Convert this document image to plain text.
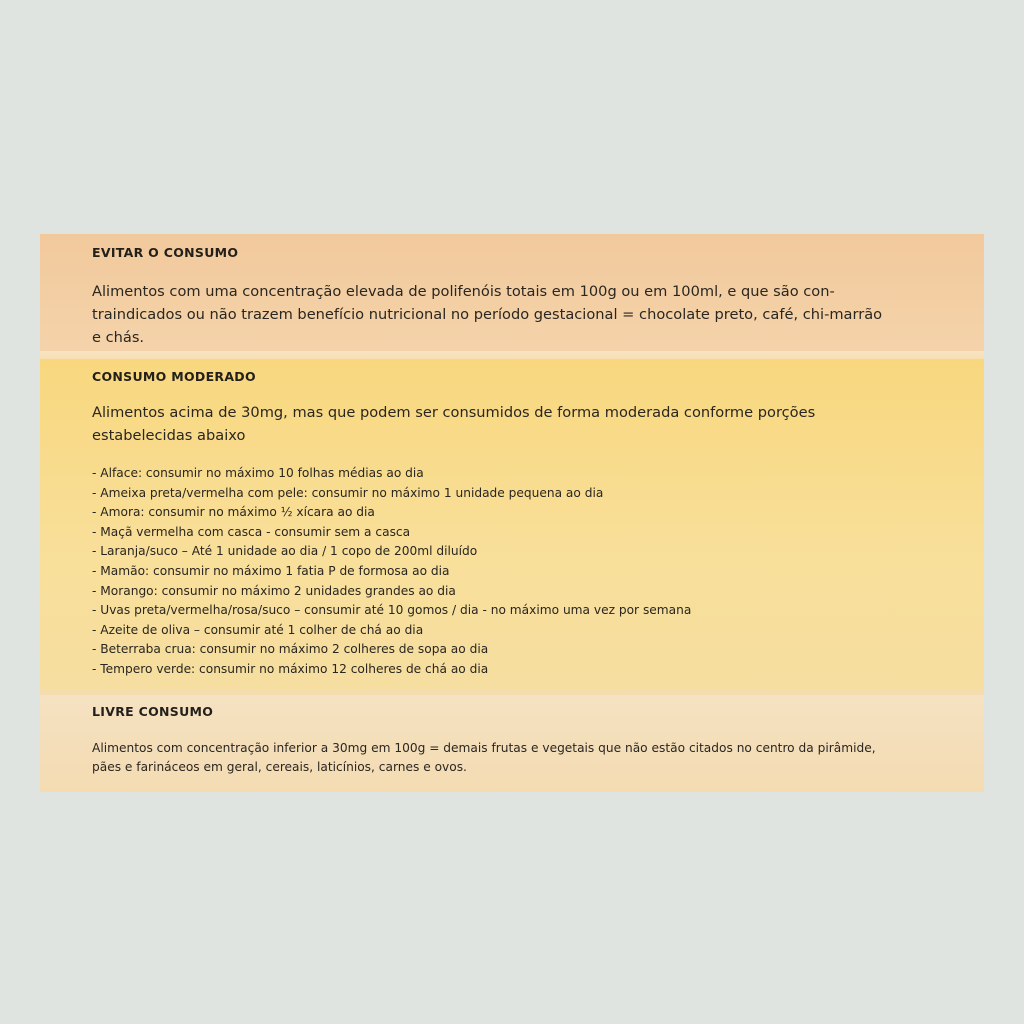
EVITAR O CONSUMO

Alimentos com uma concentração elevada de polifenóis totais em 100g ou em 100ml, e que são con-traindicados ou não trazem benefício nutricional no período gestacional = chocolate preto, café, chi-marrão e chás.

CONSUMO MODERADO

Alimentos acima de 30mg, mas que podem ser consumidos de forma moderada conforme porções estabelecidas abaixo

- Alface: consumir no máximo 10 folhas médias ao dia
- Ameixa preta/vermelha com pele: consumir no máximo 1 unidade pequena ao dia
- Amora: consumir no máximo ½ xícara ao dia
- Maçã vermelha com casca - consumir sem a casca
- Laranja/suco – Até 1 unidade ao dia / 1 copo de 200ml diluído
- Mamão: consumir no máximo 1 fatia P de formosa ao dia
- Morango: consumir no máximo 2 unidades grandes ao dia
- Uvas preta/vermelha/rosa/suco – consumir até 10 gomos / dia - no máximo uma vez por semana
- Azeite de oliva – consumir até 1 colher de chá ao dia
- Beterraba crua: consumir no máximo 2 colheres de sopa ao dia
- Tempero verde: consumir no máximo 12 colheres de chá ao dia
LIVRE CONSUMO

Alimentos com concentração inferior a 30mg em 100g = demais frutas e vegetais que não estão citados no centro da pirâmide, pães e farináceos em geral, cereais, laticínios, carnes e ovos.
